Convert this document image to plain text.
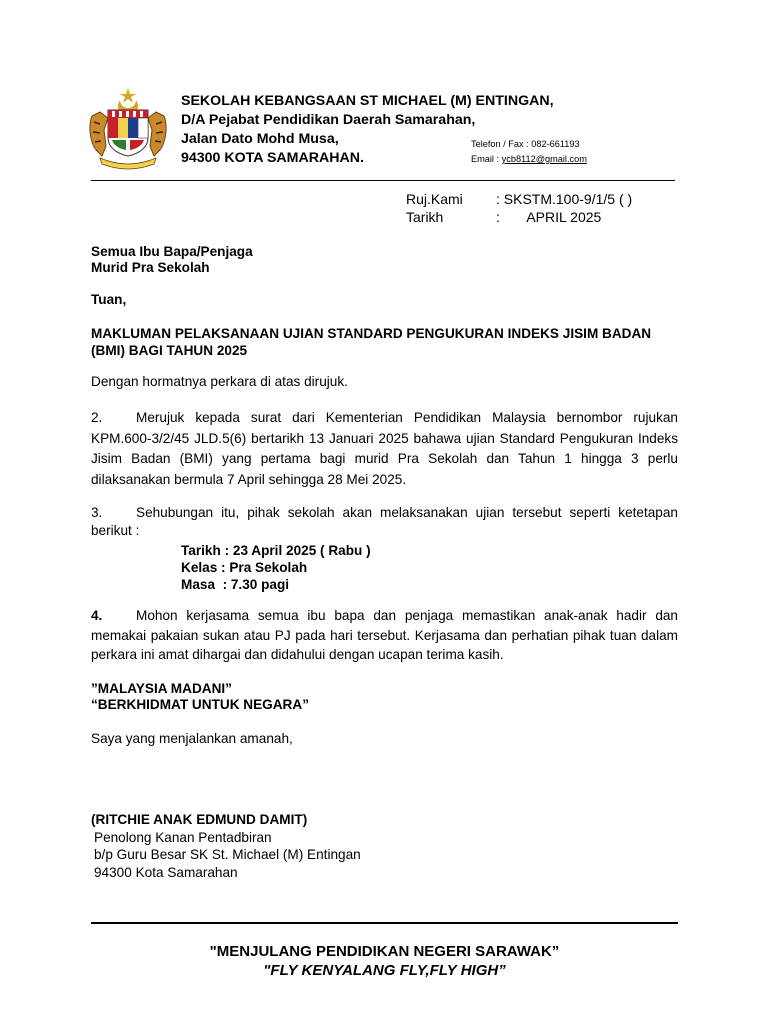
SEKOLAH KEBANGSAAN ST MICHAEL (M) ENTINGAN,
D/A Pejabat Pendidikan Daerah Samarahan,
Jalan Dato Mohd Musa,
94300 KOTA SAMARAHAN.
Telefon / Fax : 082-661193
Email : ycb8112@gmail.com
Ruj.Kami : SKSTM.100-9/1/5 ( )
Tarikh	:       APRIL 2025
Semua Ibu Bapa/Penjaga
Murid Pra Sekolah
Tuan,
MAKLUMAN PELAKSANAAN UJIAN STANDARD PENGUKURAN INDEKS JISIM BADAN (BMI) BAGI TAHUN 2025
Dengan hormatnya perkara di atas dirujuk.
2. Merujuk kepada surat dari Kementerian Pendidikan Malaysia bernombor rujukan KPM.600-3/2/45 JLD.5(6) bertarikh 13 Januari 2025 bahawa ujian Standard Pengukuran Indeks Jisim Badan (BMI) yang pertama bagi murid Pra Sekolah dan Tahun 1 hingga 3 perlu dilaksanakan bermula 7 April sehingga 28 Mei 2025.
3. Sehubungan itu, pihak sekolah akan melaksanakan ujian tersebut seperti ketetapan berikut :
Tarikh : 23 April 2025 ( Rabu )
Kelas : Pra Sekolah
Masa  : 7.30 pagi
4. Mohon kerjasama semua ibu bapa dan penjaga memastikan anak-anak hadir dan memakai pakaian sukan atau PJ pada hari tersebut. Kerjasama dan perhatian pihak tuan dalam perkara ini amat dihargai dan didahului dengan ucapan terima kasih.
”MALAYSIA MADANI”
“BERKHIDMAT UNTUK NEGARA”
Saya yang menjalankan amanah,
(RITCHIE ANAK EDMUND DAMIT)
Penolong Kanan Pentadbiran
b/p Guru Besar SK St. Michael (M) Entingan
94300 Kota Samarahan
"MENJULANG PENDIDIKAN NEGERI SARAWAK”
"FLY KENYALANG FLY,FLY HIGH”
